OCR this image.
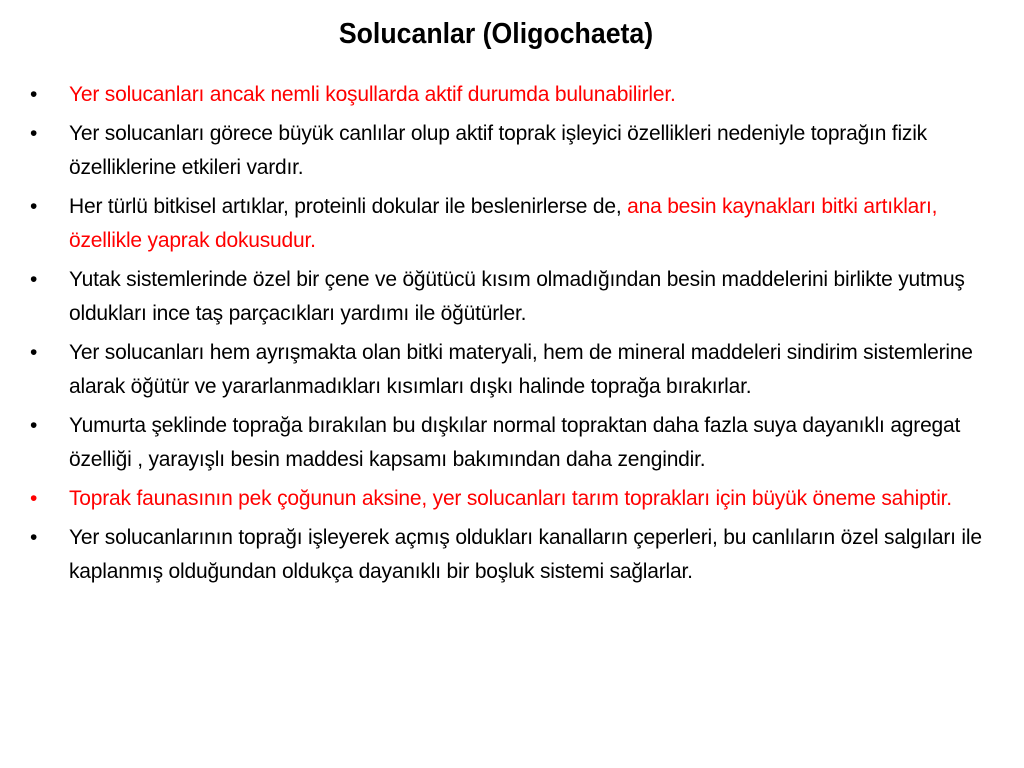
Solucanlar (Oligochaeta)
•	Yer solucanları ancak nemli koşullarda aktif durumda bulunabilirler.
•	Yer solucanları görece büyük canlılar olup aktif toprak işleyici özellikleri nedeniyle toprağın fizik özelliklerine etkileri vardır.
•	Her türlü bitkisel artıklar, proteinli dokular ile beslenirlerse de, ana besin kaynakları bitki artıkları, özellikle yaprak dokusudur.
•	Yutak sistemlerinde özel bir çene ve öğütücü kısım olmadığından besin maddelerini birlikte yutmuş oldukları ince taş parçacıkları yardımı ile öğütürler.
•	Yer solucanları hem ayrışmakta olan bitki materyali, hem de mineral maddeleri sindirim sistemlerine alarak öğütür ve yararlanmadıkları kısımları dışkı halinde toprağa bırakırlar.
•	Yumurta şeklinde toprağa bırakılan bu dışkılar normal topraktan daha fazla suya dayanıklı agregat özelliği , yarayışlı besin maddesi kapsamı bakımından daha zengindir.
•	Toprak faunasının pek çoğunun aksine, yer solucanları tarım toprakları için büyük öneme sahiptir.
•	Yer solucanlarının toprağı işleyerek açmış oldukları kanalların çeperleri, bu canlıların özel salgıları ile kaplanmış olduğundan oldukça dayanıklı bir boşluk sistemi sağlarlar.
